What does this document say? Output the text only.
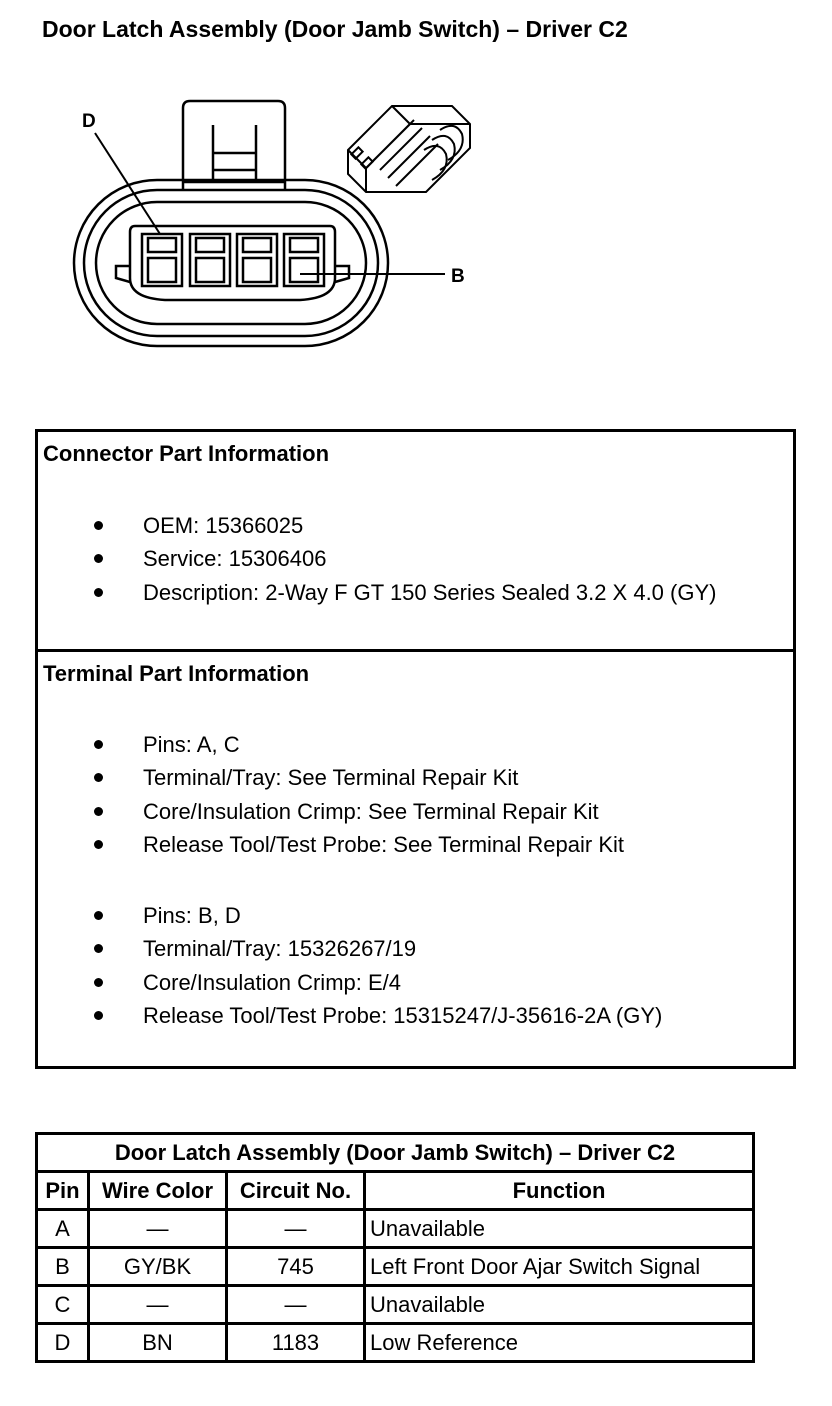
Door Latch Assembly (Door Jamb Switch) – Driver C2
D
B
Connector Part Information
OEM: 15366025
Service: 15306406
Description: 2-Way F GT 150 Series Sealed 3.2 X 4.0 (GY)
Terminal Part Information
Pins: A, C
Terminal/Tray: See Terminal Repair Kit
Core/Insulation Crimp: See Terminal Repair Kit
Release Tool/Test Probe: See Terminal Repair Kit
Pins: B, D
Terminal/Tray: 15326267/19
Core/Insulation Crimp: E/4
Release Tool/Test Probe: 15315247/J-35616-2A (GY)
Door Latch Assembly (Door Jamb Switch) – Driver C2			
Pin	Wire Color	Circuit No.	Function
A	—	—	Unavailable
B	GY/BK	745	Left Front Door Ajar Switch Signal
C	—	—	Unavailable
D	BN	1183	Low Reference
